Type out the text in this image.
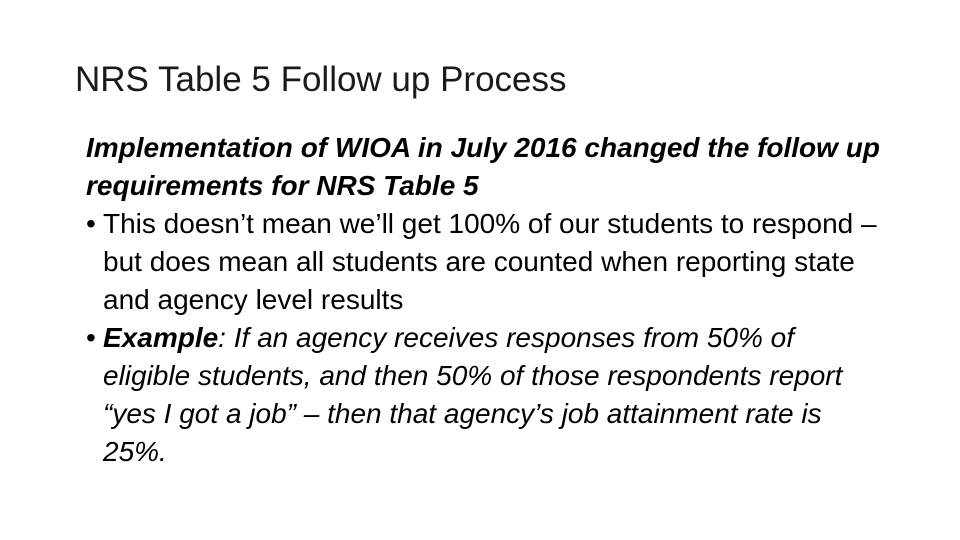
NRS Table 5 Follow up Process

Implementation of WIOA in July 2016 changed the follow up requirements for NRS Table 5

• This doesn’t mean we’ll get 100% of our students to respond – but does mean all students are counted when reporting state and agency level results
• Example: If an agency receives responses from 50% of eligible students, and then 50% of those respondents report “yes I got a job” – then that agency’s job attainment rate is 25%.
